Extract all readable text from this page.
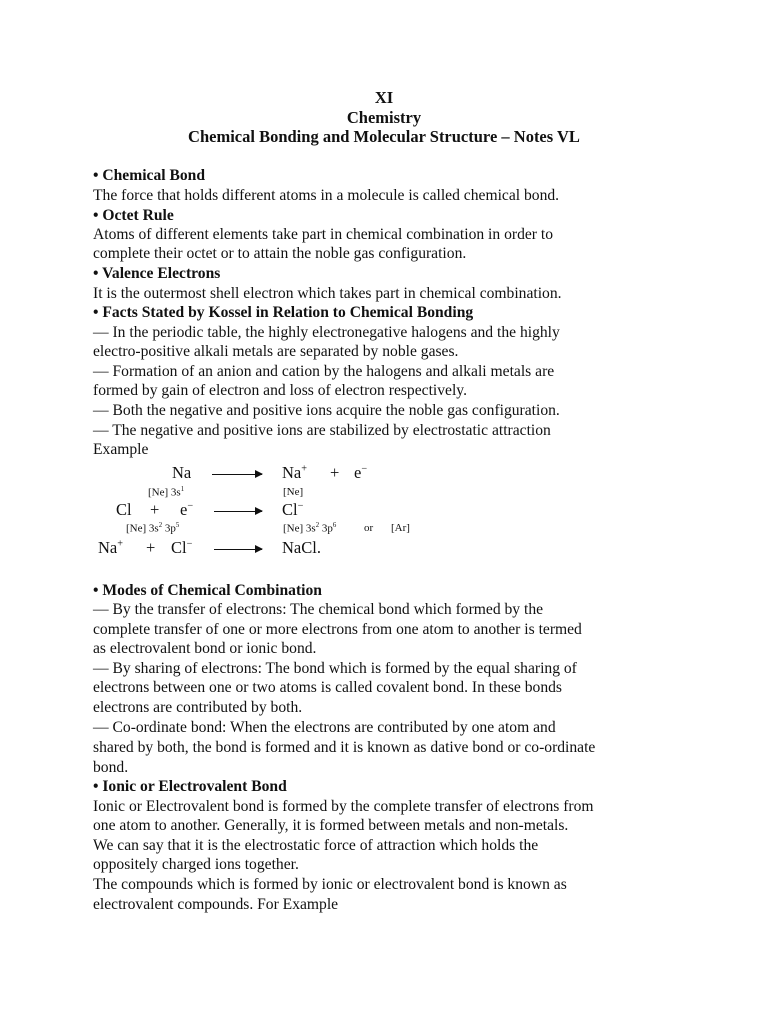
XI
Chemistry
Chemical Bonding and Molecular Structure – Notes VL
• Chemical Bond
The force that holds different atoms in a molecule is called chemical bond.
• Octet Rule
Atoms of different elements take part in chemical combination in order to
complete their octet or to attain the noble gas configuration.
• Valence Electrons
It is the outermost shell electron which takes part in chemical combination.
• Facts Stated by Kossel in Relation to Chemical Bonding
— In the periodic table, the highly electronegative halogens and the highly
electro-positive alkali metals are separated by noble gases.
— Formation of an anion and cation by the halogens and alkali metals are
formed by gain of electron and loss of electron respectively.
— Both the negative and positive ions acquire the noble gas configuration.
— The negative and positive ions are stabilized by electrostatic attraction
Example
Na	Na+ + e−
[Ne] $3s^1$	[Ne]
Cl + e−	Cl−
[Ne] $3s^2$ $3p^5$	[Ne] $3s^2$ $3p^6$	or [Ar]
Na+ + Cl−	NaCl.
• Modes of Chemical Combination
— By the transfer of electrons: The chemical bond which formed by the
complete transfer of one or more electrons from one atom to another is termed
as electrovalent bond or ionic bond.
— By sharing of electrons: The bond which is formed by the equal sharing of
electrons between one or two atoms is called covalent bond. In these bonds
electrons are contributed by both.
— Co-ordinate bond: When the electrons are contributed by one atom and
shared by both, the bond is formed and it is known as dative bond or co-ordinate
bond.
• Ionic or Electrovalent Bond
Ionic or Electrovalent bond is formed by the complete transfer of electrons from
one atom to another. Generally, it is formed between metals and non-metals.
We can say that it is the electrostatic force of attraction which holds the
oppositely charged ions together.
The compounds which is formed by ionic or electrovalent bond is known as
electrovalent compounds. For Example
